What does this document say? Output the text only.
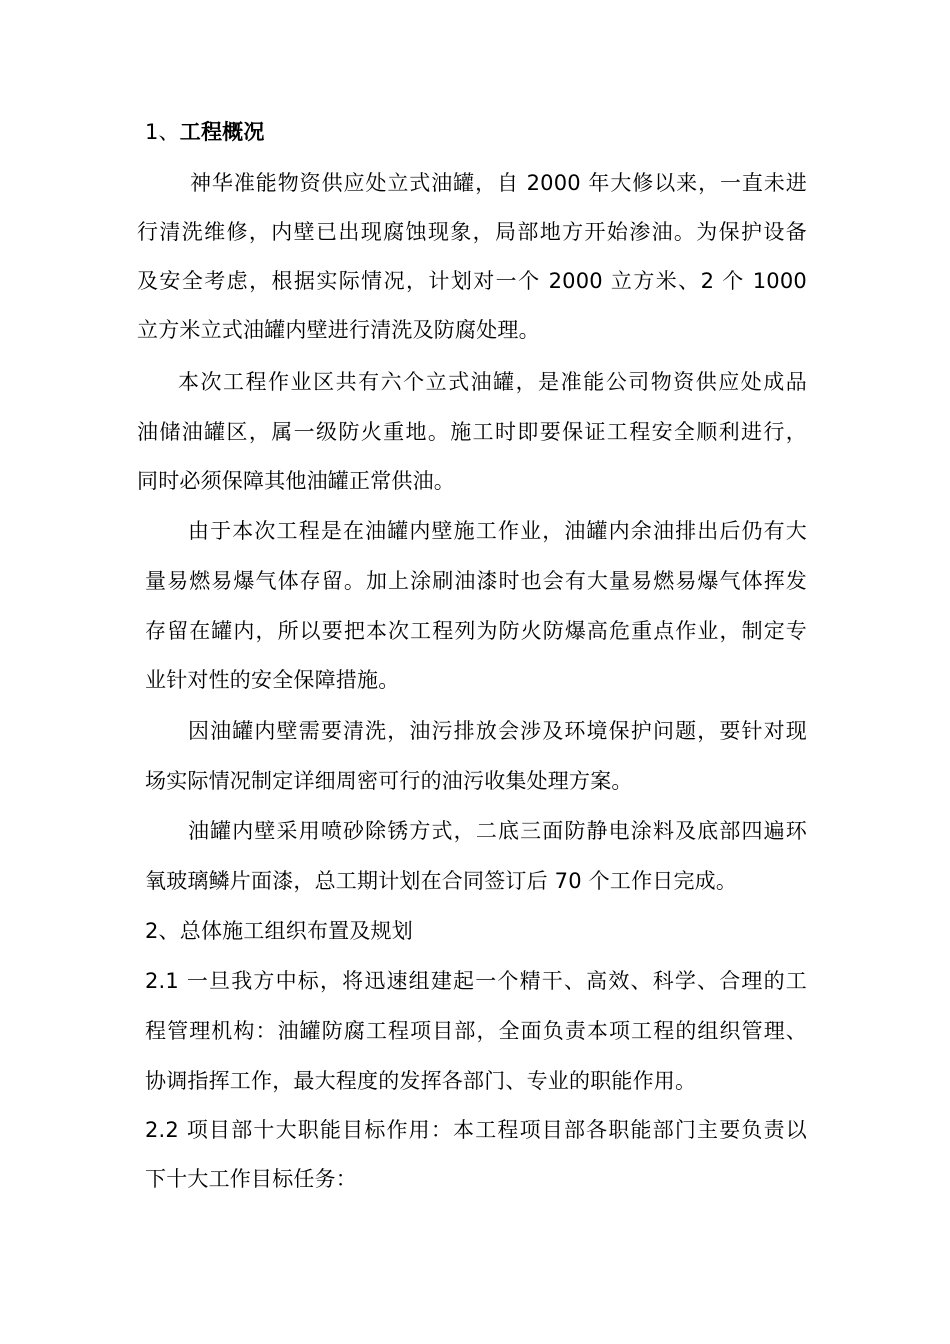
1、工程概况
神华准能物资供应处立式油罐，自 2000 年大修以来，一直未进
行清洗维修，内壁已出现腐蚀现象，局部地方开始渗油。为保护设备
及安全考虑，根据实际情况，计划对一个 2000 立方米、2 个 1000
立方米立式油罐内壁进行清洗及防腐处理。
本次工程作业区共有六个立式油罐，是准能公司物资供应处成品
油储油罐区，属一级防火重地。施工时即要保证工程安全顺利进行，
同时必须保障其他油罐正常供油。
由于本次工程是在油罐内壁施工作业，油罐内余油排出后仍有大
量易燃易爆气体存留。加上涂刷油漆时也会有大量易燃易爆气体挥发
存留在罐内，所以要把本次工程列为防火防爆高危重点作业，制定专
业针对性的安全保障措施。
因油罐内壁需要清洗，油污排放会涉及环境保护问题，要针对现
场实际情况制定详细周密可行的油污收集处理方案。
油罐内壁采用喷砂除锈方式，二底三面防静电涂料及底部四遍环
氧玻璃鳞片面漆，总工期计划在合同签订后 70 个工作日完成。
2、总体施工组织布置及规划
2.1 一旦我方中标，将迅速组建起一个精干、高效、科学、合理的工
程管理机构：油罐防腐工程项目部，全面负责本项工程的组织管理、
协调指挥工作，最大程度的发挥各部门、专业的职能作用。
2.2 项目部十大职能目标作用：本工程项目部各职能部门主要负责以
下十大工作目标任务：
